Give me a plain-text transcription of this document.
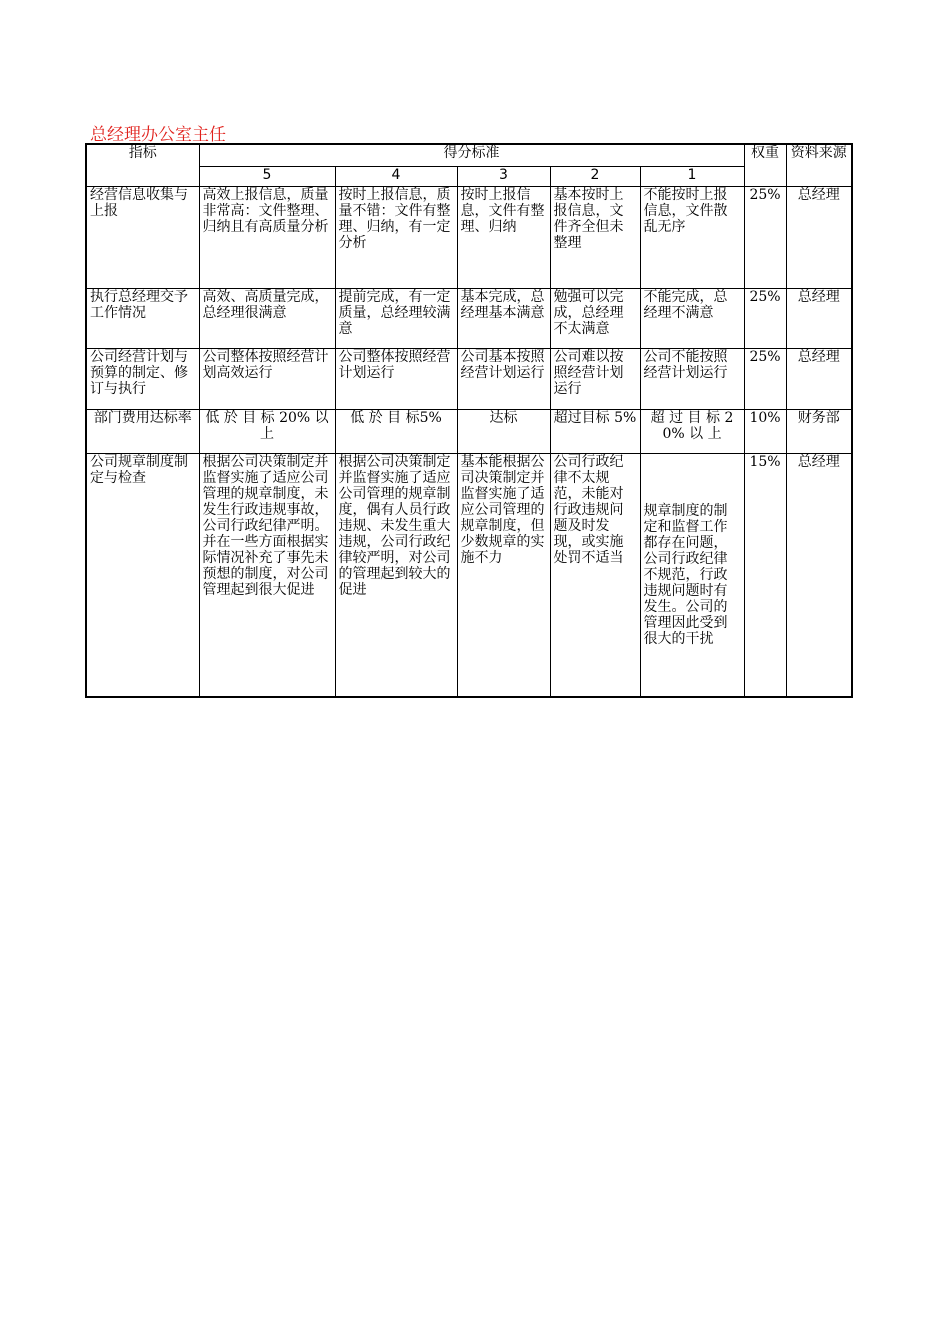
总经理办公室主任
指标	得分标准					权重	资料来源
	5	4	3	2	1		
经营信息收集与上报	高效上报信息，质量非常高：文件整理、归纳且有高质量分析	按时上报信息，质量不错：文件有整理、归纳，有一定分析	按时上报信息，文件有整理、归纳	基本按时上报信息，文件齐全但未整理	不能按时上报信息，文件散乱无序	25%	总经理
执行总经理交予工作情况	高效、高质量完成，总经理很满意	提前完成，有一定质量，总经理较满意	基本完成，总经理基本满意	勉强可以完成，总经理不太满意	不能完成，总经理不满意	25%	总经理
公司经营计划与预算的制定、修订与执行	公司整体按照经营计划高效运行	公司整体按照经营计划运行	公司基本按照经营计划运行	公司难以按照经营计划运行	公司不能按照经营计划运行	25%	总经理
部门费用达标率	低 於 目 标 20% 以 上	低 於 目 标5%	达标	超过目标 5%	超 过 目 标 20% 以 上	10%	财务部
公司规章制度制定与检查	根据公司决策制定并监督实施了适应公司管理的规章制度，未发生行政违规事故，公司行政纪律严明。并在一些方面根据实际情况补充了事先未预想的制度，对公司管理起到很大促进	根据公司决策制定并监督实施了适应公司管理的规章制度，偶有人员行政违规、未发生重大违规，公司行政纪律较严明，对公司的管理起到较大的促进	基本能根据公司决策制定并监督实施了适应公司管理的规章制度，但少数规章的实施不力	公司行政纪律不太规范，未能对行政违规问题及时发现，或实施处罚不适当	规章制度的制定和监督工作都存在问题，公司行政纪律不规范，行政违规问题时有发生。公司的管理因此受到很大的干扰	15%	总经理
